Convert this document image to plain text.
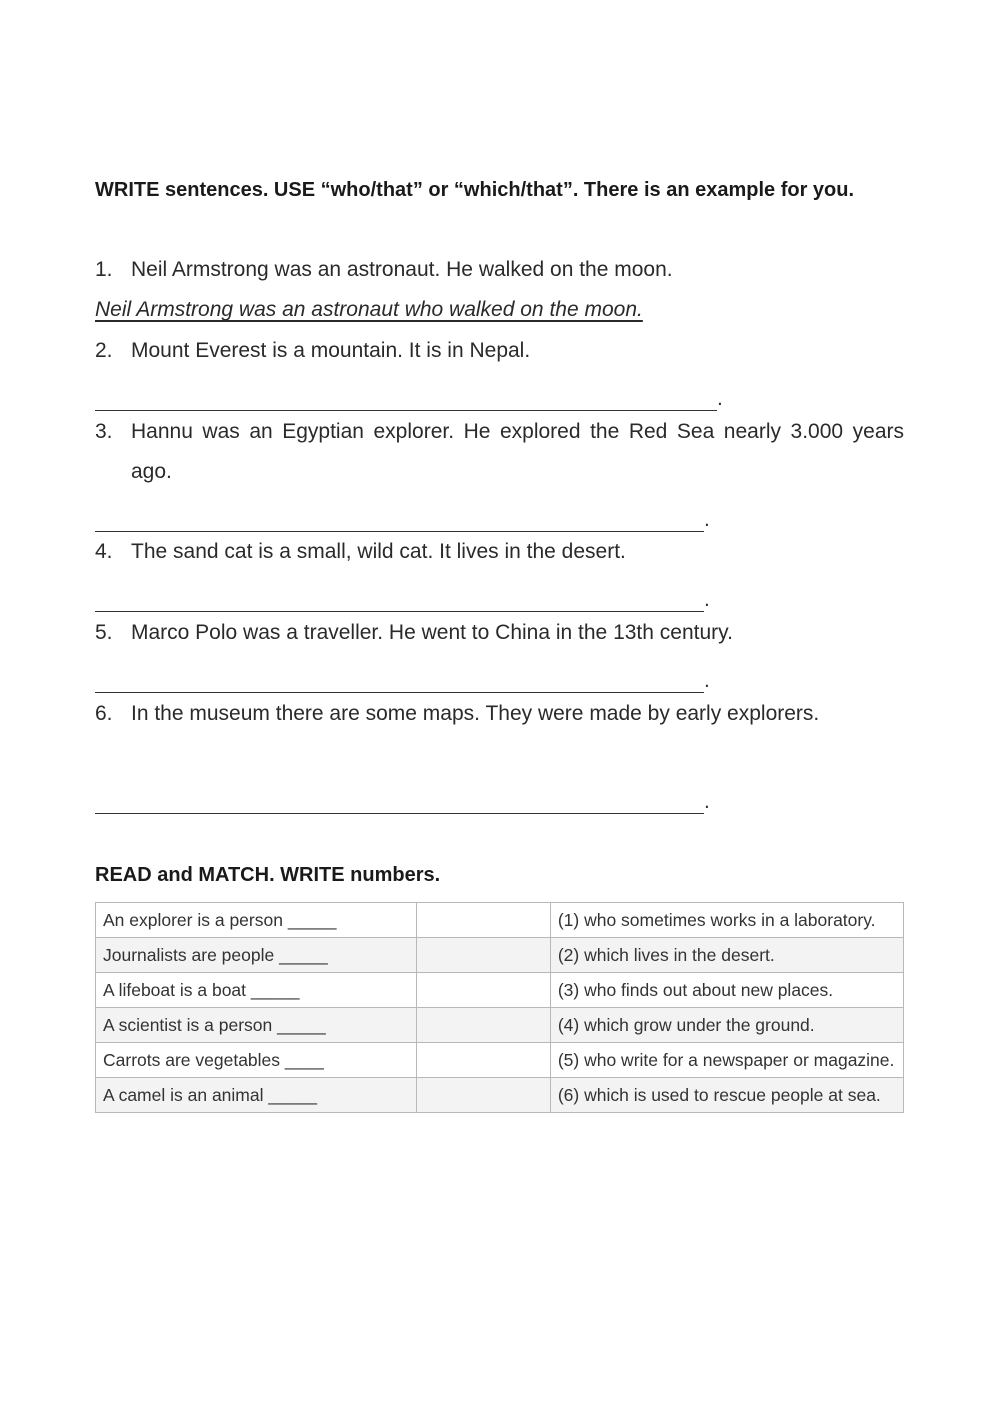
WRITE sentences. USE “who/that” or “which/that”. There is an example for you.
1. Neil Armstrong was an astronaut. He walked on the moon.
Neil Armstrong was an astronaut who walked on the moon.
2. Mount Everest is a mountain. It is in Nepal.
.
3. Hannu was an Egyptian explorer. He explored the Red Sea nearly 3.000 years ago.
.
4. The sand cat is a small, wild cat. It lives in the desert.
.
5. Marco Polo was a traveller. He went to China in the 13th century.
.
6. In the museum there are some maps. They were made by early explorers.
.
READ and MATCH. WRITE numbers.
An explorer is a person _____		(1) who sometimes works in a laboratory.
Journalists are people _____		(2) which lives in the desert.
A lifeboat is a boat _____		(3) who finds out about new places.
A scientist is a person _____		(4) which grow under the ground.
Carrots are vegetables ____		(5) who write for a newspaper or magazine.
A camel is an animal _____		(6) which is used to rescue people at sea.
